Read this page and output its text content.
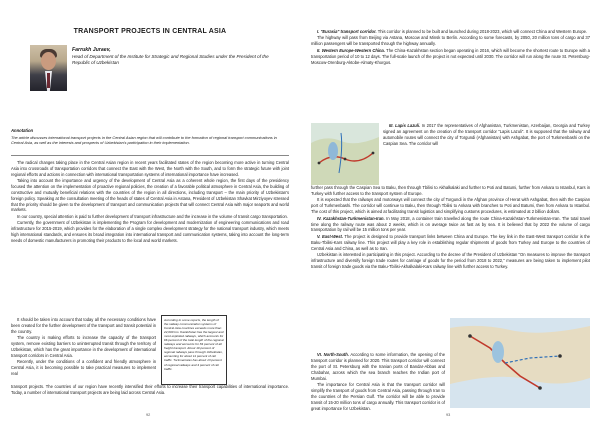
TRANSPORT PROJECTS IN CENTRAL ASIA
Farrukh Juraev,
Head of Department of the Institute for Strategic and Regional Studies under the President of the Republic of Uzbekistan
Annotation
The article discusses international transport projects in the Central Asian region that will contribute to the formation of regional transport communications in Central Asia, as well as the interests and prospects of Uzbekistan's participation in their implementation.

The radical changes taking place in the Central Asian region in recent years facilitated states of the region becoming more active in turning Central Asia into crossroads of transportation corridors that connect the East with the West, the North with the South, and to form the strategic future with joint regional efforts and actions in connection with international transportation systems of international importance have increased.

Taking into account the importance and urgency of the development of Central Asia as a coherent whole region, the first days of the presidency focused the attention on the implementation of proactive regional policies, the creation of a favorable political atmosphere in Central Asia, the building of constructive and mutually beneficial relations with the countries of the region in all directions, including transport – the main priority of Uzbekistan's foreign policy. Speaking at the consultation meeting of the heads of states of Central Asia in Astana, President of Uzbekistan Shavkat Mirziyoyev stressed that the priority should be given to the development of transport and communication projects that will connect Central Asia with major seaports and world markets.

In our country, special attention is paid to further development of transport infrastructure and the increase in the volume of transit cargo transportation.

Currently, the government of Uzbekistan is implementing the Program for development and modernization of engineering communications and road infrastructure for 2015-2019, which provides for the elaboration of a single complex development strategy for the national transport industry, which meets high international standards, and ensures its broad integration into international transport and communication systems, taking into account the long-term needs of domestic manufacturers in promoting their products to the local and world markets.

It should be taken into account that today all the necessary conditions have been created for the further development of the transport and transit potential in the country.

The country is making efforts to increase the capacity of the transport system, remove existing barriers to uninterrupted transit through the territory of Uzbekistan, which has the great importance in the development of international transport corridors in Central Asia.

Recently, under the conditions of a confident and friendly atmosphere in Central Asia, it is becoming possible to take practical measures to implement real

According to some reports, the length of the railway communication systems of Central Asia countries exceeds more than 22,000 km. Kazakhstan has the largest and most exploited railways, which accounts for 66 percent of the total length of the regional railways and accounts for 84 percent of all freight transport. About 19 percent of regional railways pass through Uzbekistan, accounting for about 11 percent of rail traffic. Turkmenistan has about 13 percent of regional railways and 4 percent of rail traffic.

transport projects. The countries of our region have recently intensified their efforts to increase their transport capabilities of international importance. Today, a number of international transport projects are being laid across Central Asia.

92

I. "Eurasia" transport corridor. This corridor is planned to be built and launched during 2018-2023, which will connect China and Western Europe.

The highway will pass from Beijing via Astana, Moscow and Minsk to Berlin. According to some forecasts, by 2050, 20 million tons of cargo and 37 million passengers will be transported through the highway annually.

II. Western Europe-Western China. The China-Kazakhstan section began operating in 2016, which will become the shortest route to Europe with a transportation period of 10 to 12 days. The full-scale launch of the project is not expected until 2030. The corridor will run along the route St. Petersburg-Moscow-Orenburg-Aktobe-Almaty-Khorgos.

III. Lapis Lazuli. In 2017 the representatives of Afghanistan, Turkmenistan, Azerbaijan, Georgia and Turkey signed an agreement on the creation of the transport corridor "Lapis Lazuli". It is supposed that the railway and automobile routes will connect the city of Torgundi (Afghanistan) with Ashgabat, the port of Turkmenbashi on the Caspian Sea. The corridor will

further pass through the Caspian Sea to Baku, then through Tbilisi to Akhalkalaki and further to Poti and Batumi, further from Ankara to Istanbul, Kars in Turkey with further access to the transport system of Europe.

It is expected that the railways and motorways will connect the city of Torgundi in the Afghan province of Herat with Ashgabat, then with the Caspian port of Turkmenbashi. The corridor will continue to Baku, then through Tbilisi to Ankara with branches to Poti and Batumi, then from Ankara to Istanbul. The cost of this project, which is aimed at facilitating transit logistics and simplifying customs procedures, is estimated at 2 billion dollars.

IV. Kazakhstan-Turkmenistan-Iran. In May 2018, a container train travelled along the route China-Kazakhstan-Turkmenistan-Iran. The total travel time along the railway route was about 2 weeks, which is on average twice as fast as by sea. It is believed that by 2022 the volume of cargo transportation by rail will be 15 million tons per year.

V. East-West. The project is designed to provide transport links between China and Europe. The key link in the East-West transport corridor is the Baku-Tbilisi-Kars railway line. This project will play a key role in establishing regular shipments of goods from Turkey and Europe to the countries of Central Asia and China, as well as to Iran.

Uzbekistan is interested in participating in this project. According to the decree of the President of Uzbekistan "On measures to improve the transport infrastructure and diversify foreign trade routes for carriage of goods for the period from 2018 to 2022," measures are being taken to implement pilot transit of foreign trade goods via the Baku-Tbilisi-Akhalkalaki-Kars railway line with further access to Turkey.

VI. North-South. According to some information, the opening of the transport corridor is planned for 2020. This transport corridor will connect the port of St. Petersburg with the Iranian ports of Bandar-Abbas and Chabahar, across which the sea branch reaches the Indian port of Mumbai.

The importance for Central Asia is that the transport corridor will simplify the transport of goods from Central Asia, passing through Iran to the countries of the Persian Gulf. The corridor will be able to provide transit of 15-20 million tons of cargo annually. This transport corridor is of great importance for Uzbekistan.

93
